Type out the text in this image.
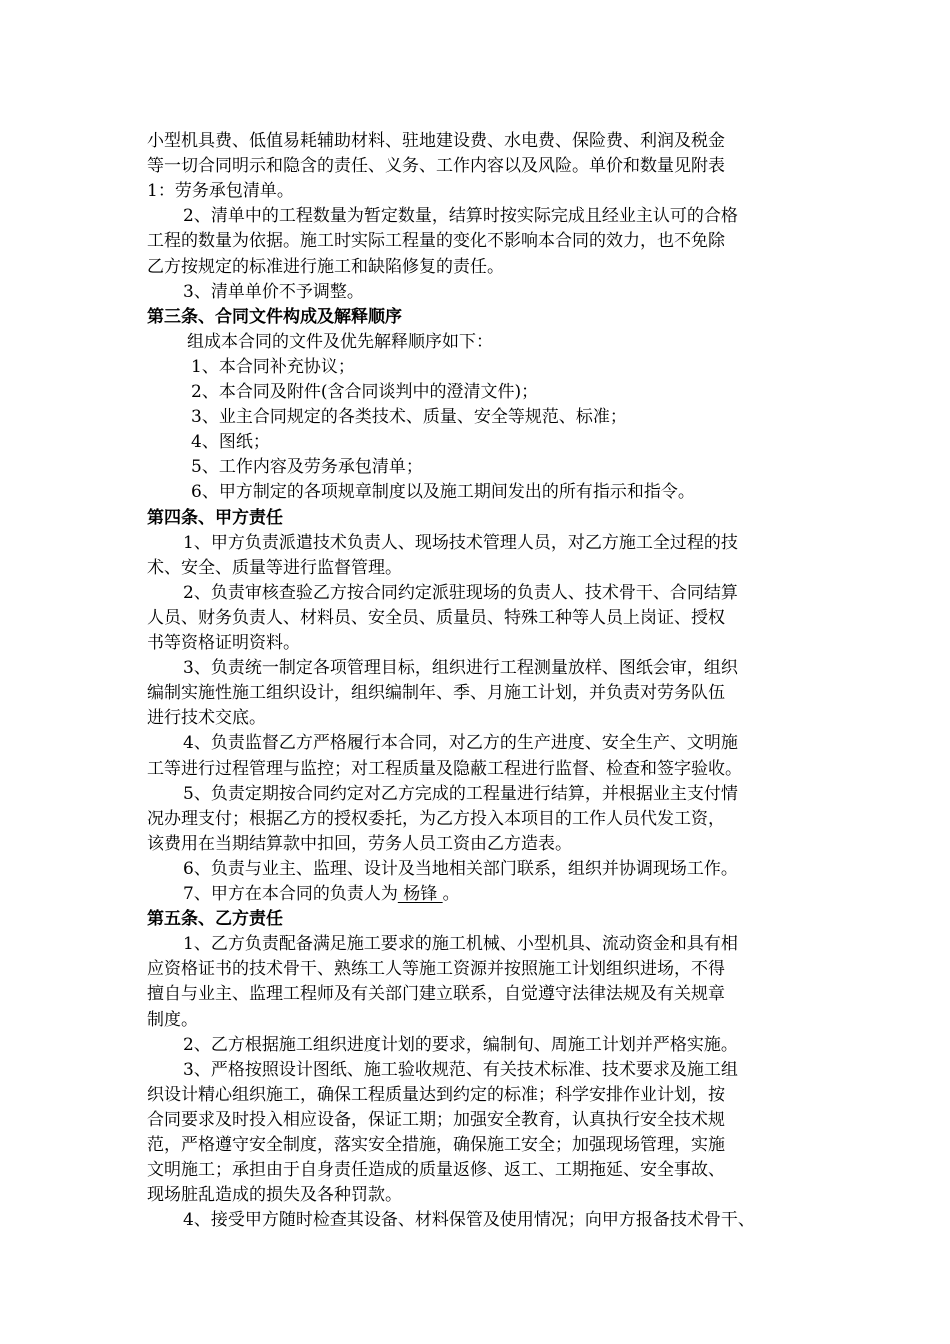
小型机具费、低值易耗辅助材料、驻地建设费、水电费、保险费、利润及税金
等一切合同明示和隐含的责任、义务、工作内容以及风险。单价和数量见附表
1：劳务承包清单。
2、清单中的工程数量为暂定数量，结算时按实际完成且经业主认可的合格
工程的数量为依据。施工时实际工程量的变化不影响本合同的效力，也不免除
乙方按规定的标准进行施工和缺陷修复的责任。
3、清单单价不予调整。
第三条、合同文件构成及解释顺序
组成本合同的文件及优先解释顺序如下：
1、本合同补充协议；
2、本合同及附件(含合同谈判中的澄清文件)；
3、业主合同规定的各类技术、质量、安全等规范、标准；
4、图纸；
5、工作内容及劳务承包清单；
6、甲方制定的各项规章制度以及施工期间发出的所有指示和指令。
第四条、甲方责任
1、甲方负责派遣技术负责人、现场技术管理人员，对乙方施工全过程的技
术、安全、质量等进行监督管理。
2、负责审核查验乙方按合同约定派驻现场的负责人、技术骨干、合同结算
人员、财务负责人、材料员、安全员、质量员、特殊工种等人员上岗证、授权
书等资格证明资料。
3、负责统一制定各项管理目标，组织进行工程测量放样、图纸会审，组织
编制实施性施工组织设计，组织编制年、季、月施工计划，并负责对劳务队伍
进行技术交底。
4、负责监督乙方严格履行本合同，对乙方的生产进度、安全生产、文明施
工等进行过程管理与监控；对工程质量及隐蔽工程进行监督、检查和签字验收。
5、负责定期按合同约定对乙方完成的工程量进行结算，并根据业主支付情
况办理支付；根据乙方的授权委托，为乙方投入本项目的工作人员代发工资，
该费用在当期结算款中扣回，劳务人员工资由乙方造表。
6、负责与业主、监理、设计及当地相关部门联系，组织并协调现场工作。
7、甲方在本合同的负责人为 杨锋 。
第五条、乙方责任
1、乙方负责配备满足施工要求的施工机械、小型机具、流动资金和具有相
应资格证书的技术骨干、熟练工人等施工资源并按照施工计划组织进场，不得
擅自与业主、监理工程师及有关部门建立联系，自觉遵守法律法规及有关规章
制度。
2、乙方根据施工组织进度计划的要求，编制旬、周施工计划并严格实施。
3、严格按照设计图纸、施工验收规范、有关技术标准、技术要求及施工组
织设计精心组织施工，确保工程质量达到约定的标准；科学安排作业计划，按
合同要求及时投入相应设备，保证工期；加强安全教育，认真执行安全技术规
范，严格遵守安全制度，落实安全措施，确保施工安全；加强现场管理，实施
文明施工；承担由于自身责任造成的质量返修、返工、工期拖延、安全事故、
现场脏乱造成的损失及各种罚款。
4、接受甲方随时检查其设备、材料保管及使用情况；向甲方报备技术骨干、
